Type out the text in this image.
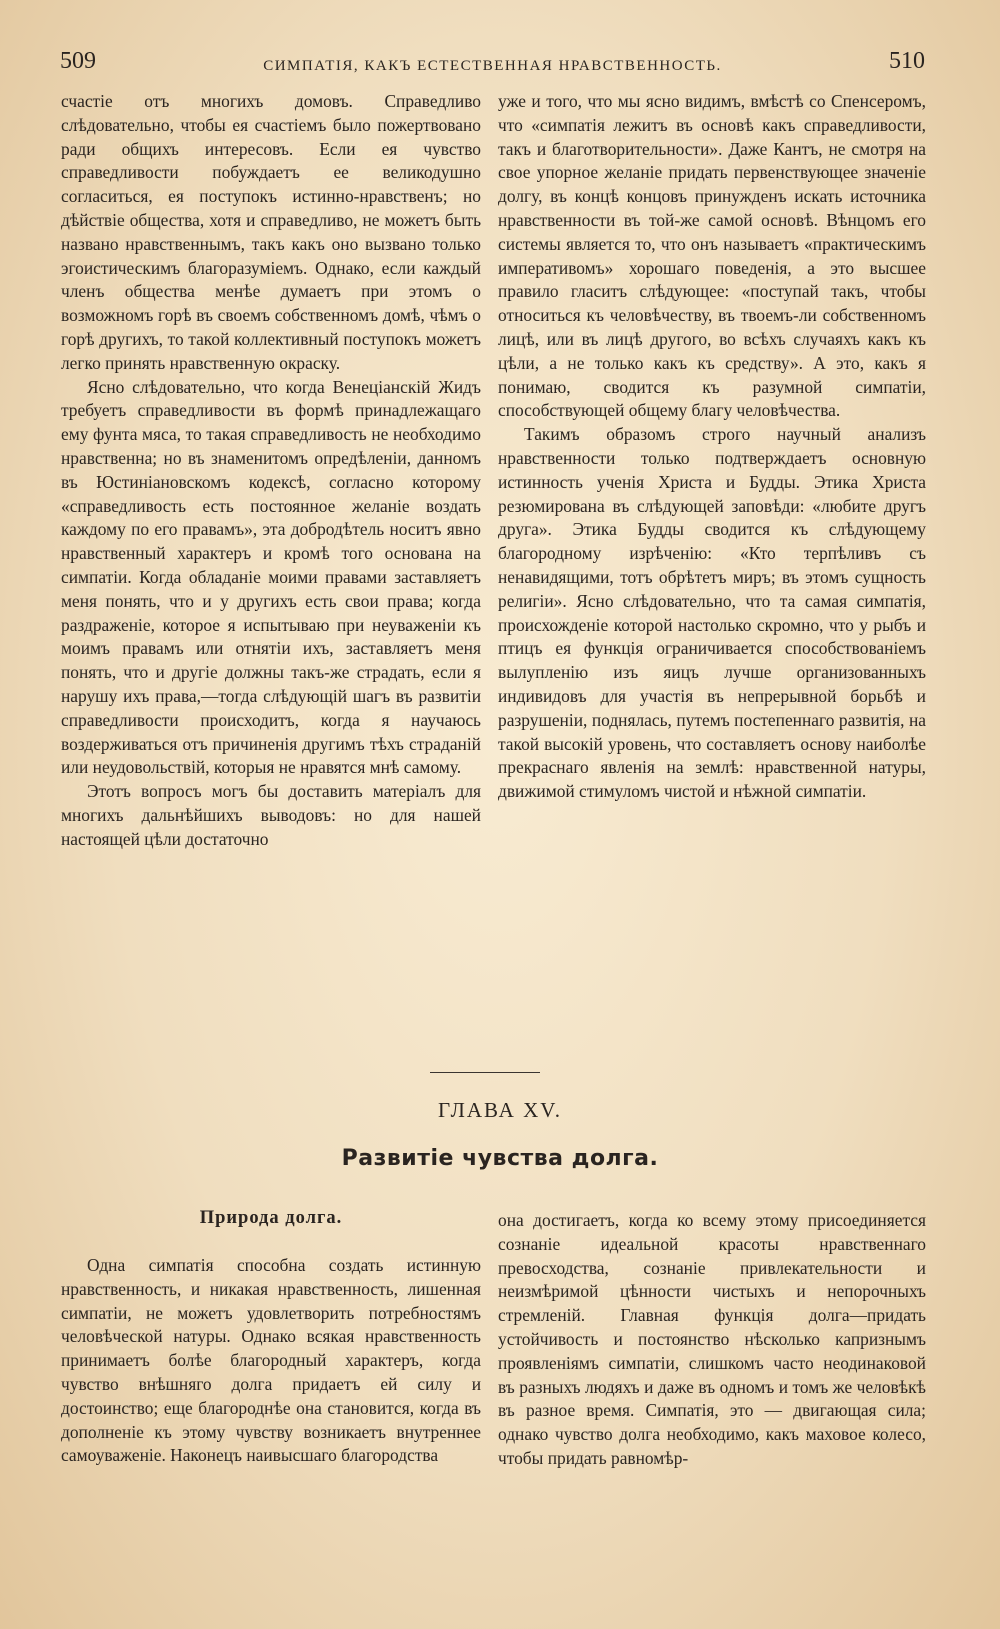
509	СИМПАТІЯ, КАКЪ ЕСТЕСТВЕННАЯ НРАВСТВЕННОСТЬ.	510

счастіе отъ многихъ домовъ. Справедливо слѣдовательно, чтобы ея счастіемъ было пожертвовано ради общихъ интересовъ. Если ея чувство справедливости побуждаетъ ее великодушно согласиться, ея поступокъ истинно-нравственъ; но дѣйствіе общества, хотя и справедливо, не можетъ быть названо нравственнымъ, такъ какъ оно вызвано только эгоистическимъ благоразуміемъ. Однако, если каждый членъ общества менѣе думаетъ при этомъ о возможномъ горѣ въ своемъ собственномъ домѣ, чѣмъ о горѣ другихъ, то такой коллективный поступокъ можетъ легко принять нравственную окраску.

Ясно слѣдовательно, что когда Венеціанскій Жидъ требуетъ справедливости въ формѣ принадлежащаго ему фунта мяса, то такая справедливость не необходимо нравственна; но въ знаменитомъ опредѣленіи, данномъ въ Юстиніановскомъ кодексѣ, согласно которому «справедливость есть постоянное желаніе воздать каждому по его правамъ», эта добродѣтель носитъ явно нравственный характеръ и кромѣ того основана на симпатіи. Когда обладаніе моими правами заставляетъ меня понять, что и у другихъ есть свои права; когда раздраженіе, которое я испытываю при неуваженіи къ моимъ правамъ или отнятіи ихъ, заставляетъ меня понять, что и другіе должны такъ-же страдать, если я нарушу ихъ права,—тогда слѣдующій шагъ въ развитіи справедливости происходитъ, когда я научаюсь воздерживаться отъ причиненія другимъ тѣхъ страданій или неудовольствій, которыя не нравятся мнѣ самому.

Этотъ вопросъ могъ бы доставить матеріалъ для многихъ дальнѣйшихъ выводовъ: но для нашей настоящей цѣли достаточно

уже и того, что мы ясно видимъ, вмѣстѣ со Спенсеромъ, что «симпатія лежитъ въ основѣ какъ справедливости, такъ и благотворительности». Даже Кантъ, не смотря на свое упорное желаніе придать первенствующее значеніе долгу, въ концѣ концовъ принужденъ искать источника нравственности въ той-же самой основѣ. Вѣнцомъ его системы является то, что онъ называетъ «практическимъ императивомъ» хорошаго поведенія, а это высшее правило гласитъ слѣдующее: «поступай такъ, чтобы относиться къ человѣчеству, въ твоемъ-ли собственномъ лицѣ, или въ лицѣ другого, во всѣхъ случаяхъ какъ къ цѣли, а не только какъ къ средству». А это, какъ я понимаю, сводится къ разумной симпатіи, способствующей общему благу человѣчества.

Такимъ образомъ строго научный анализъ нравственности только подтверждаетъ основную истинность ученія Христа и Будды. Этика Христа резюмирована въ слѣдующей заповѣди: «любите другъ друга». Этика Будды сводится къ слѣдующему благородному изрѣченію: «Кто терпѣливъ съ ненавидящими, тотъ обрѣтетъ миръ; въ этомъ сущность религіи». Ясно слѣдовательно, что та самая симпатія, происхожденіе которой настолько скромно, что у рыбъ и птицъ ея функція ограничивается способствованіемъ вылупленію изъ яицъ лучше организованныхъ индивидовъ для участія въ непрерывной борьбѣ и разрушеніи, поднялась, путемъ постепеннаго развитія, на такой высокій уровень, что составляетъ основу наиболѣе прекраснаго явленія на землѣ: нравственной натуры, движимой стимуломъ чистой и нѣжной симпатіи.

ГЛАВА XV.
Развитіе чувства долга.
Природа долга.

Одна симпатія способна создать истинную нравственность, и никакая нравственность, лишенная симпатіи, не можетъ удовлетворить потребностямъ человѣческой натуры. Однако всякая нравственность принимаетъ болѣе благородный характеръ, когда чувство внѣшняго долга придаетъ ей силу и достоинство; еще благороднѣе она становится, когда въ дополненіе къ этому чувству возникаетъ внутреннее самоуваженіе. Наконецъ наивысшаго благородства

она достигаетъ, когда ко всему этому присоединяется сознаніе идеальной красоты нравственнаго превосходства, сознаніе привлекательности и неизмѣримой цѣнности чистыхъ и непорочныхъ стремленій. Главная функція долга—придать устойчивость и постоянство нѣсколько капризнымъ проявленіямъ симпатіи, слишкомъ часто неодинаковой въ разныхъ людяхъ и даже въ одномъ и томъ же человѣкѣ въ разное время. Симпатія, это — двигающая сила; однако чувство долга необходимо, какъ маховое колесо, чтобы придать равномѣр-
